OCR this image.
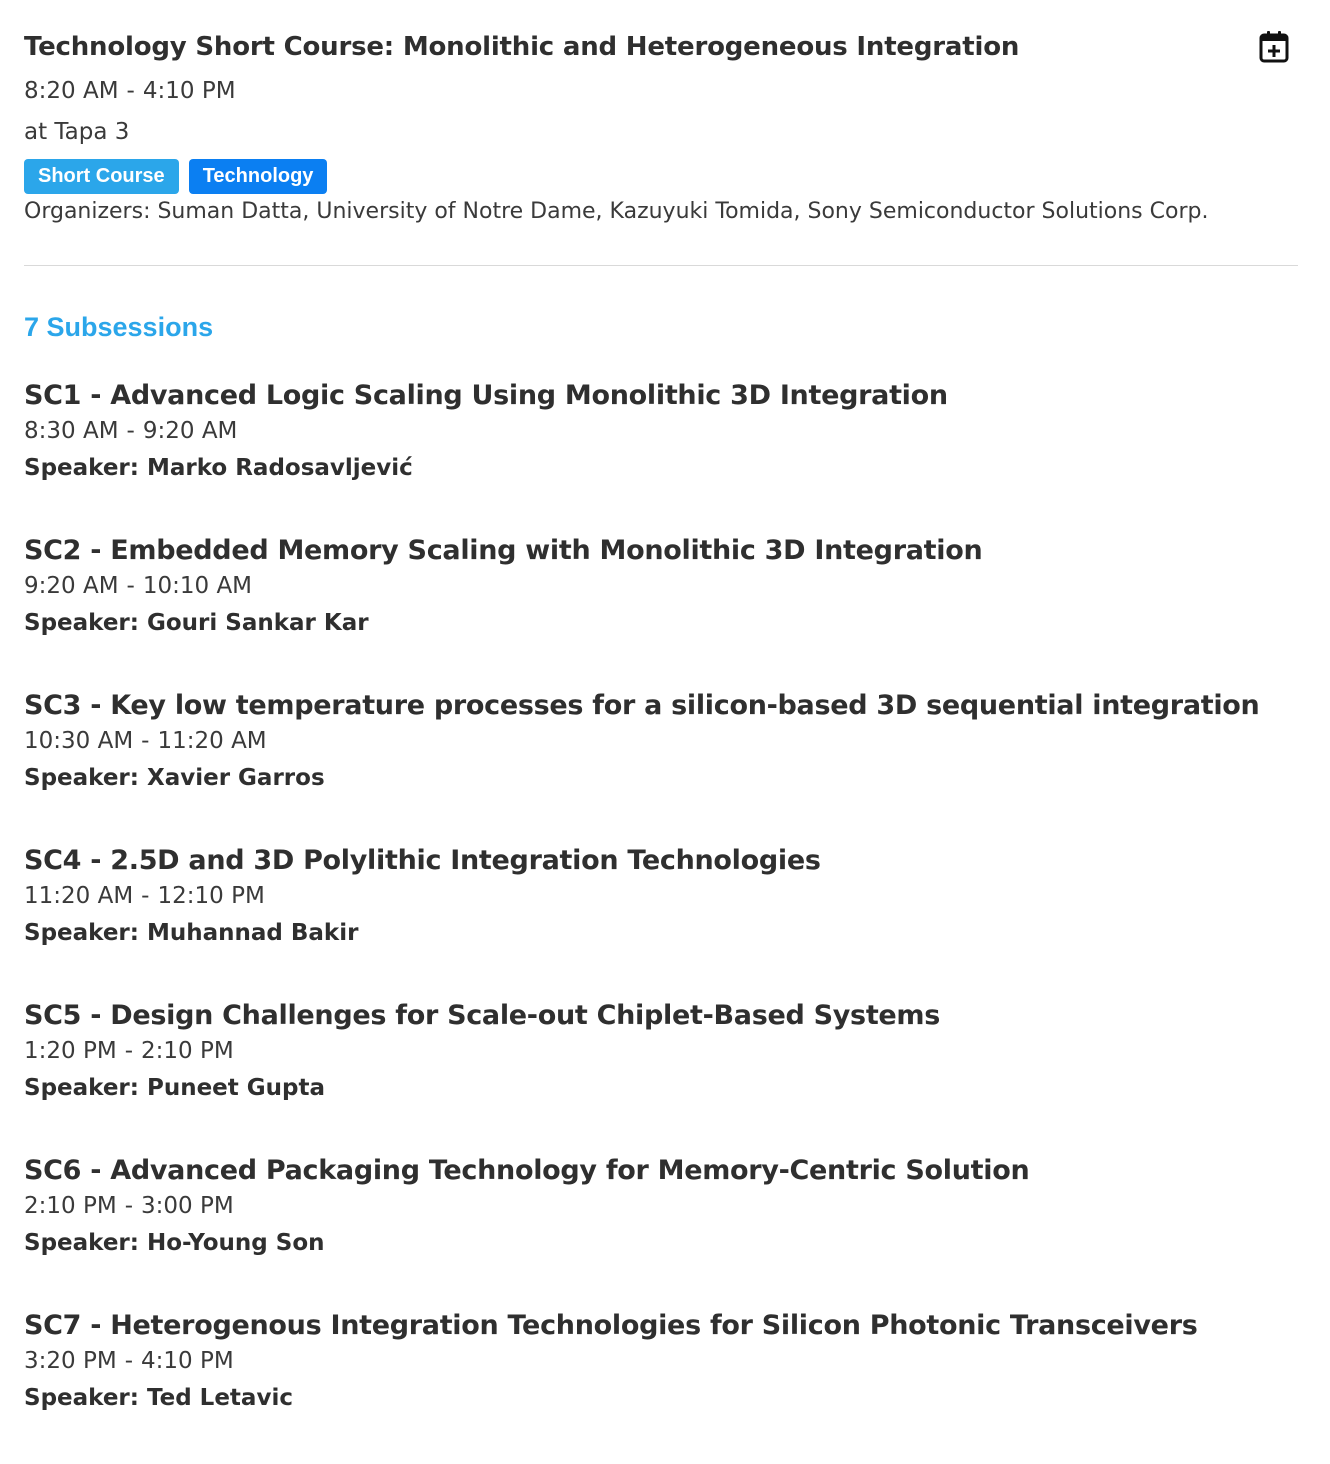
Technology Short Course: Monolithic and Heterogeneous Integration
8:20 AM - 4:10 PM
at Tapa 3
Short Course	Technology
Organizers: Suman Datta, University of Notre Dame, Kazuyuki Tomida, Sony Semiconductor Solutions Corp.
7 Subsessions
SC1 - Advanced Logic Scaling Using Monolithic 3D Integration
8:30 AM - 9:20 AM
Speaker: Marko Radosavljević
SC2 - Embedded Memory Scaling with Monolithic 3D Integration
9:20 AM - 10:10 AM
Speaker: Gouri Sankar Kar
SC3 - Key low temperature processes for a silicon-based 3D sequential integration
10:30 AM - 11:20 AM
Speaker: Xavier Garros
SC4 - 2.5D and 3D Polylithic Integration Technologies
11:20 AM - 12:10 PM
Speaker: Muhannad Bakir
SC5 - Design Challenges for Scale-out Chiplet-Based Systems
1:20 PM - 2:10 PM
Speaker: Puneet Gupta
SC6 - Advanced Packaging Technology for Memory-Centric Solution
2:10 PM - 3:00 PM
Speaker: Ho-Young Son
SC7 - Heterogenous Integration Technologies for Silicon Photonic Transceivers
3:20 PM - 4:10 PM
Speaker: Ted Letavic
